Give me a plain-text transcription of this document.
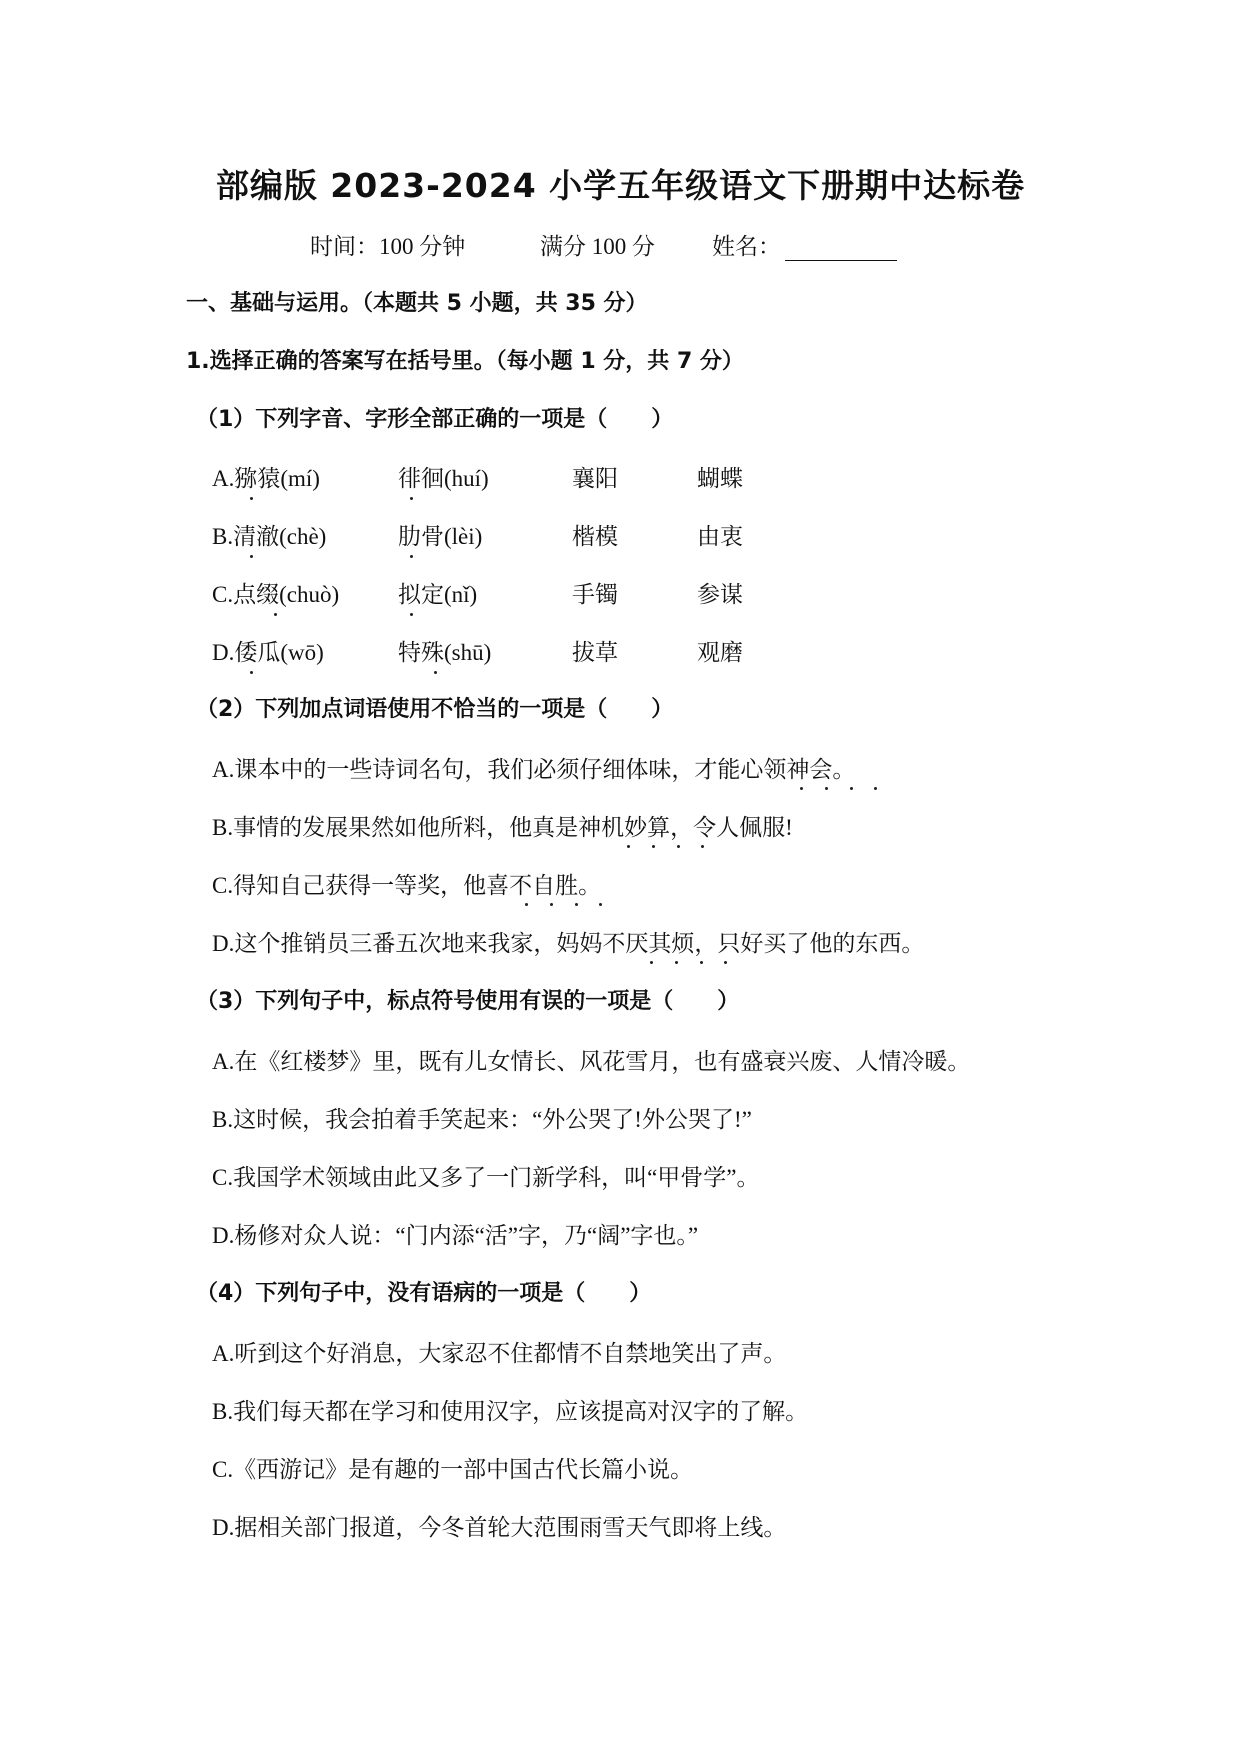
部编版 2023-2024 小学五年级语文下册期中达标卷
时间：100 分钟	满分 100 分 姓名：
一、基础与运用。（本题共 5 小题，共 35 分）
1.选择正确的答案写在括号里。（每小题 1 分，共 7 分）
（1）下列字音、字形全部正确的一项是（　　）
A.猕猿(mí)	徘徊(huí)	襄阳	蝴蝶
B.清澈(chè)	肋骨(lèi)	楷模	由衷
C.点缀(chuò)	拟定(nǐ)	手镯	参谋
D.倭瓜(wō)	特殊(shū)	拔草	观磨
（2）下列加点词语使用不恰当的一项是（　　）
A.课本中的一些诗词名句，我们必须仔细体味，才能心领神会。
B.事情的发展果然如他所料，他真是神机妙算，令人佩服!
C.得知自己获得一等奖，他喜不自胜。
D.这个推销员三番五次地来我家，妈妈不厌其烦，只好买了他的东西。
（3）下列句子中，标点符号使用有误的一项是（　　）
A.在《红楼梦》里，既有儿女情长、风花雪月，也有盛衰兴废、人情冷暖。
B.这时候，我会拍着手笑起来：“外公哭了!外公哭了!”
C.我国学术领域由此又多了一门新学科，叫“甲骨学”。
D.杨修对众人说：“门内添“活”字，乃“阔”字也。”
（4）下列句子中，没有语病的一项是（　　）
A.听到这个好消息，大家忍不住都情不自禁地笑出了声。
B.我们每天都在学习和使用汉字，应该提高对汉字的了解。
C.《西游记》是有趣的一部中国古代长篇小说。
D.据相关部门报道，今冬首轮大范围雨雪天气即将上线。
